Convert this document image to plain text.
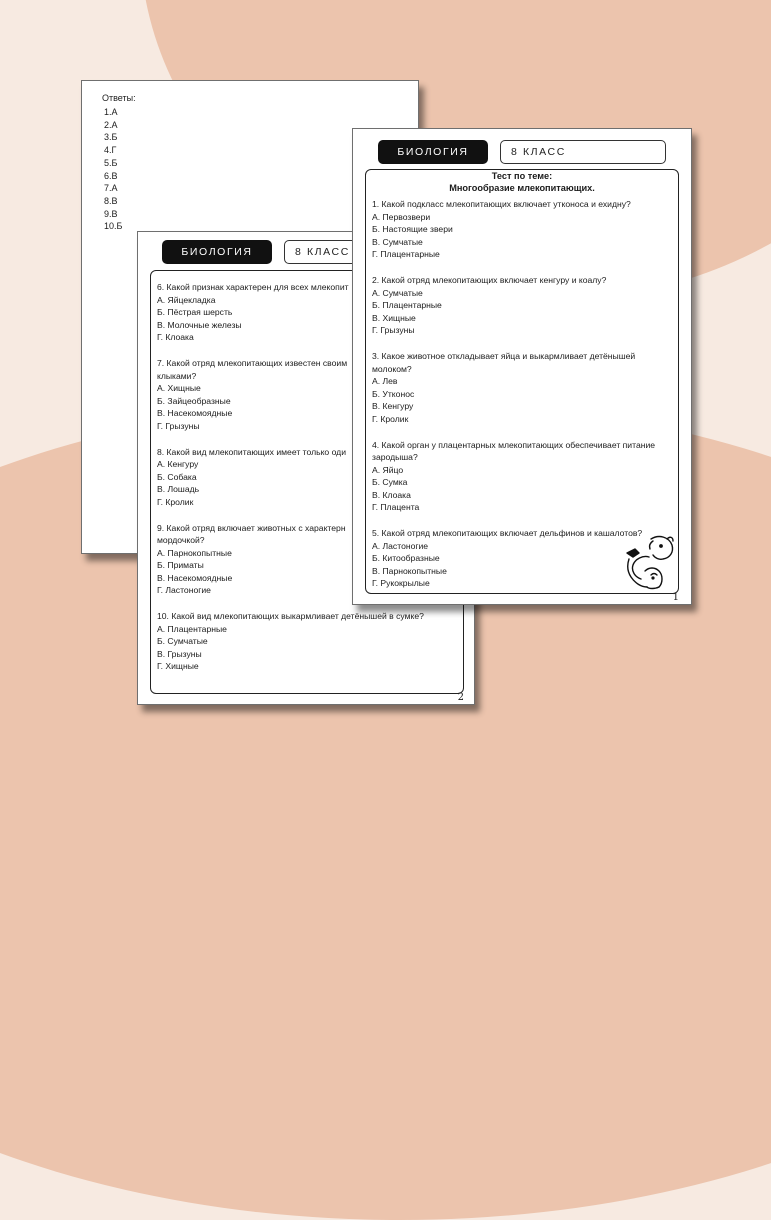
Ответы:
1.А
2.А
3.Б
4.Г
5.Б
6.В
7.А
8.В
9.В
10.Б
БИОЛОГИЯ	8 КЛАСС
6. Какой признак характерен для всех млекопит
А. Яйцекладка
Б. Пёстрая шерсть
В. Молочные железы
Г. Клоака
7. Какой отряд млекопитающих известен своим
клыками?
А. Хищные
Б. Зайцеобразные
В. Насекомоядные
Г. Грызуны
8. Какой вид млекопитающих имеет только оди
А. Кенгуру
Б. Собака
В. Лошадь
Г. Кролик
9. Какой отряд включает животных с характерн
мордочкой?
А. Парнокопытные
Б. Приматы
В. Насекомоядные
Г. Ластоногие
10. Какой вид млекопитающих выкармливает детёнышей в сумке?
А. Плацентарные
Б. Сумчатые
В. Грызуны
Г. Хищные
2
БИОЛОГИЯ	8 КЛАСС
Тест по теме:
Многообразие млекопитающих.
1. Какой подкласс млекопитающих включает утконоса и ехидну?
А. Первозвери
Б. Настоящие звери
В. Сумчатые
Г. Плацентарные
2. Какой отряд млекопитающих включает кенгуру и коалу?
А. Сумчатые
Б. Плацентарные
В. Хищные
Г. Грызуны
3. Какое животное откладывает яйца и выкармливает детёнышей молоком?
А. Лев
Б. Утконос
В. Кенгуру
Г. Кролик
4. Какой орган у плацентарных млекопитающих обеспечивает питание зародыша?
А. Яйцо
Б. Сумка
В. Клоака
Г. Плацента
5. Какой отряд млекопитающих включает дельфинов и кашалотов?
А. Ластоногие
Б. Китообразные
В. Парнокопытные
Г. Рукокрылые
1
